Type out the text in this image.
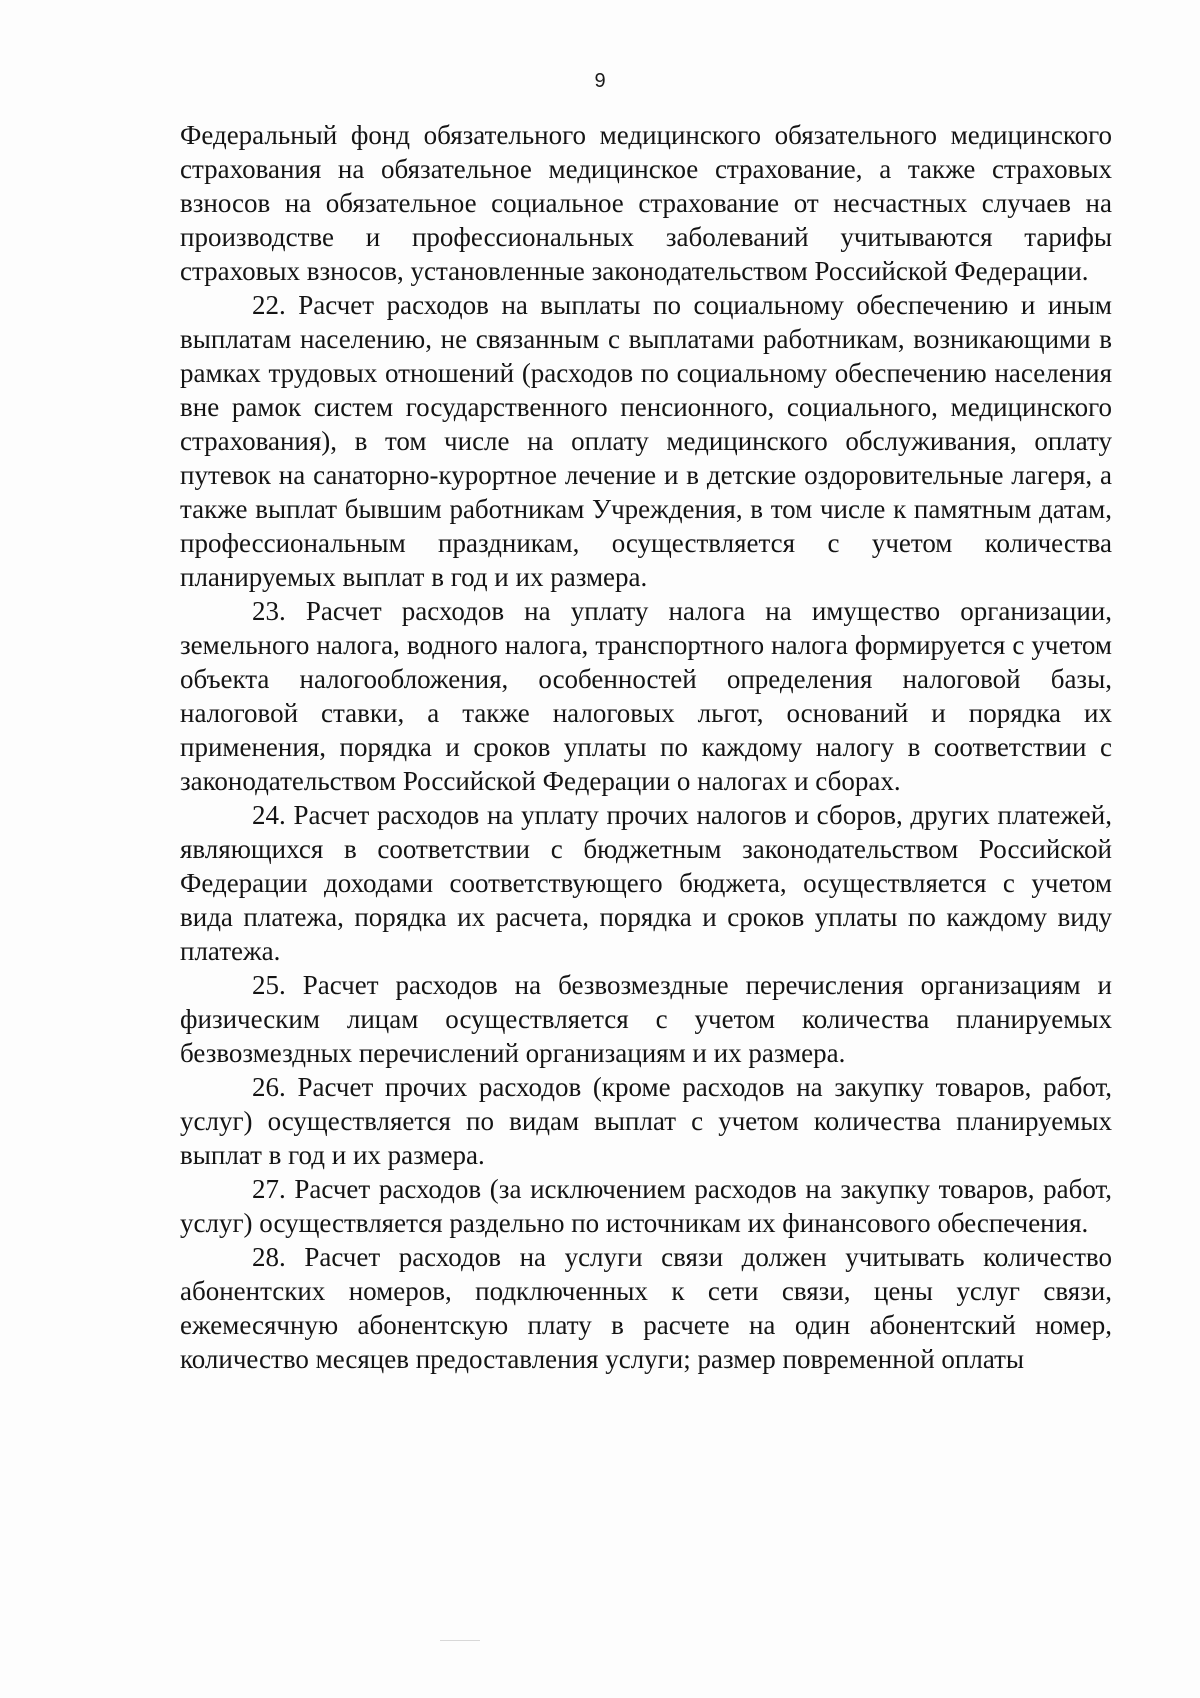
9

Федеральный фонд обязательного медицинского обязательного медицинского страхования на обязательное медицинское страхование, а также страховых взносов на обязательное социальное страхование от несчастных случаев на производстве и профессиональных заболеваний учитываются тарифы страховых взносов, установленные законодательством Российской Федерации.

22. Расчет расходов на выплаты по социальному обеспечению и иным выплатам населению, не связанным с выплатами работникам, возникающими в рамках трудовых отношений (расходов по социальному обеспечению населения вне рамок систем государственного пенсионного, социального, медицинского страхования), в том числе на оплату медицинского обслуживания, оплату путевок на санаторно-курортное лечение и в детские оздоровительные лагеря, а также выплат бывшим работникам Учреждения, в том числе к памятным датам, профессиональным праздникам, осуществляется с учетом количества планируемых выплат в год и их размера.

23. Расчет расходов на уплату налога на имущество организации, земельного налога, водного налога, транспортного налога формируется с учетом объекта налогообложения, особенностей определения налоговой базы, налоговой ставки, а также налоговых льгот, оснований и порядка их применения, порядка и сроков уплаты по каждому налогу в соответствии с законодательством Российской Федерации о налогах и сборах.

24. Расчет расходов на уплату прочих налогов и сборов, других платежей, являющихся в соответствии с бюджетным законодательством Российской Федерации доходами соответствующего бюджета, осуществляется с учетом вида платежа, порядка их расчета, порядка и сроков уплаты по каждому виду платежа.

25. Расчет расходов на безвозмездные перечисления организациям и физическим лицам осуществляется с учетом количества планируемых безвозмездных перечислений организациям и их размера.

26. Расчет прочих расходов (кроме расходов на закупку товаров, работ, услуг) осуществляется по видам выплат с учетом количества планируемых выплат в год и их размера.

27. Расчет расходов (за исключением расходов на закупку товаров, работ, услуг) осуществляется раздельно по источникам их финансового обеспечения.

28. Расчет расходов на услуги связи должен учитывать количество абонентских номеров, подключенных к сети связи, цены услуг связи, ежемесячную абонентскую плату в расчете на один абонентский номер, количество месяцев предоставления услуги; размер повременной оплаты
